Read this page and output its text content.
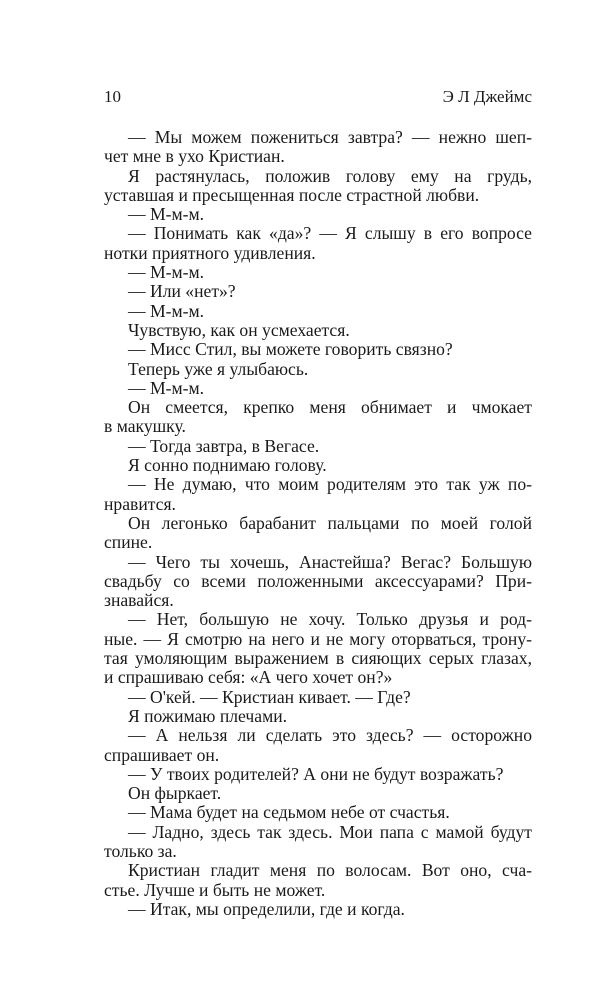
10	Э Л Джеймс
— Мы можем пожениться завтра? — нежно шеп-
чет мне в ухо Кристиан.
Я растянулась, положив голову ему на грудь,
уставшая и пресыщенная после страстной любви.
— М-м-м.
— Понимать как «да»? — Я слышу в его вопросе
нотки приятного удивления.
— М-м-м.
— Или «нет»?
— М-м-м.
Чувствую, как он усмехается.
— Мисс Стил, вы можете говорить связно?
Теперь уже я улыбаюсь.
— М-м-м.
Он смеется, крепко меня обнимает и чмокает
в макушку.
— Тогда завтра, в Вегасе.
Я сонно поднимаю голову.
— Не думаю, что моим родителям это так уж по-
нравится.
Он легонько барабанит пальцами по моей голой
спине.
— Чего ты хочешь, Анастейша? Вегас? Большую
свадьбу со всеми положенными аксессуарами? При-
знавайся.
— Нет, большую не хочу. Только друзья и род-
ные. — Я смотрю на него и не могу оторваться, трону-
тая умоляющим выражением в сияющих серых глазах,
и спрашиваю себя: «А чего хочет он?»
— О'кей. — Кристиан кивает. — Где?
Я пожимаю плечами.
— А нельзя ли сделать это здесь? — осторожно
спрашивает он.
— У твоих родителей? А они не будут возражать?
Он фыркает.
— Мама будет на седьмом небе от счастья.
— Ладно, здесь так здесь. Мои папа с мамой будут
только за.
Кристиан гладит меня по волосам. Вот оно, сча-
стье. Лучше и быть не может.
— Итак, мы определили, где и когда.
